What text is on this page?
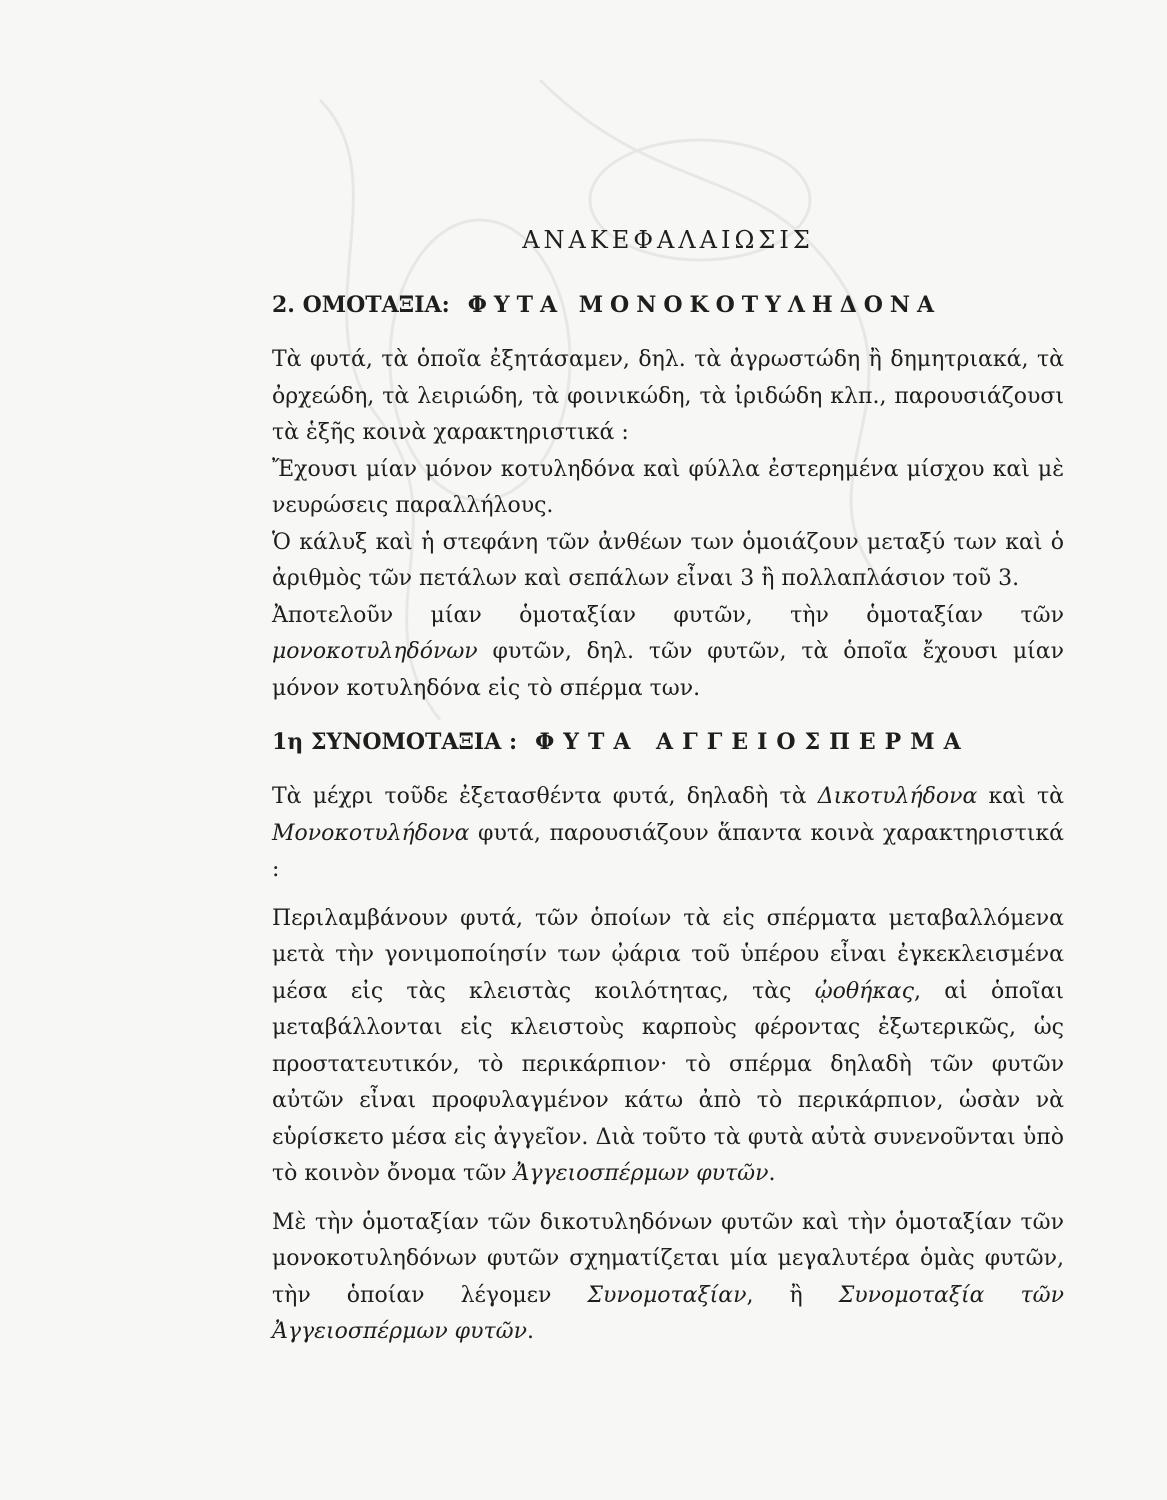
ΑΝΑΚΕΦΑΛΑΙΩΣΙΣ
2. ΟΜΟΤΑΞΙΑ: ΦΥΤΑ ΜΟΝΟΚΟΤΥΛΗΔΟΝΑ

Τὰ φυτά, τὰ ὁποῖα ἐξητάσαμεν, δηλ. τὰ ἀγρωστώδη ἢ δημητριακά, τὰ ὀρχεώδη, τὰ λειριώδη, τὰ φοινικώδη, τὰ ἰριδώδη κλπ., παρουσιάζουσι τὰ ἑξῆς κοινὰ χαρακτηριστικά :

Ἔχουσι μίαν μόνον κοτυληδόνα καὶ φύλλα ἐστερημένα μίσχου καὶ μὲ νευρώσεις παραλλήλους.

Ὁ κάλυξ καὶ ἡ στεφάνη τῶν ἀνθέων των ὁμοιάζουν μεταξύ των καὶ ὁ ἀριθμὸς τῶν πετάλων καὶ σεπάλων εἶναι 3 ἢ πολλαπλάσιον τοῦ 3.

Ἀποτελοῦν μίαν ὁμοταξίαν φυτῶν, τὴν ὁμοταξίαν τῶν μονοκοτυληδόνων φυτῶν, δηλ. τῶν φυτῶν, τὰ ὁποῖα ἔχουσι μίαν μόνον κοτυληδόνα εἰς τὸ σπέρμα των.

1η ΣΥΝΟΜΟΤΑΞΙΑ : ΦΥΤΑ ΑΓΓΕΙΟΣΠΕΡΜΑ

Τὰ μέχρι τοῦδε ἐξετασθέντα φυτά, δηλαδὴ τὰ Δικοτυλήδονα καὶ τὰ Μονοκοτυλήδονα φυτά, παρουσιάζουν ἅπαντα κοινὰ χαρακτηριστικά :

Περιλαμβάνουν φυτά, τῶν ὁποίων τὰ εἰς σπέρματα μεταβαλλόμενα μετὰ τὴν γονιμοποίησίν των ᾠάρια τοῦ ὑπέρου εἶναι ἐγκεκλεισμένα μέσα εἰς τὰς κλειστὰς κοιλότητας, τὰς ᾠοθήκας, αἱ ὁποῖαι μεταβάλλονται εἰς κλειστοὺς καρποὺς φέροντας ἐξωτερικῶς, ὡς προστατευτικόν, τὸ περικάρπιον· τὸ σπέρμα δηλαδὴ τῶν φυτῶν αὐτῶν εἶναι προφυλαγμένον κάτω ἀπὸ τὸ περικάρπιον, ὡσὰν νὰ εὑρίσκετο μέσα εἰς ἀγγεῖον. Διὰ τοῦτο τὰ φυτὰ αὐτὰ συνενοῦνται ὑπὸ τὸ κοινὸν ὄνομα τῶν Ἀγγειοσπέρμων φυτῶν.

Μὲ τὴν ὁμοταξίαν τῶν δικοτυληδόνων φυτῶν καὶ τὴν ὁμοταξίαν τῶν μονοκοτυληδόνων φυτῶν σχηματίζεται μία μεγαλυτέρα ὁμὰς φυτῶν, τὴν ὁποίαν λέγομεν Συνομοταξίαν, ἢ Συνομοταξία τῶν Ἀγγειοσπέρμων φυτῶν.
